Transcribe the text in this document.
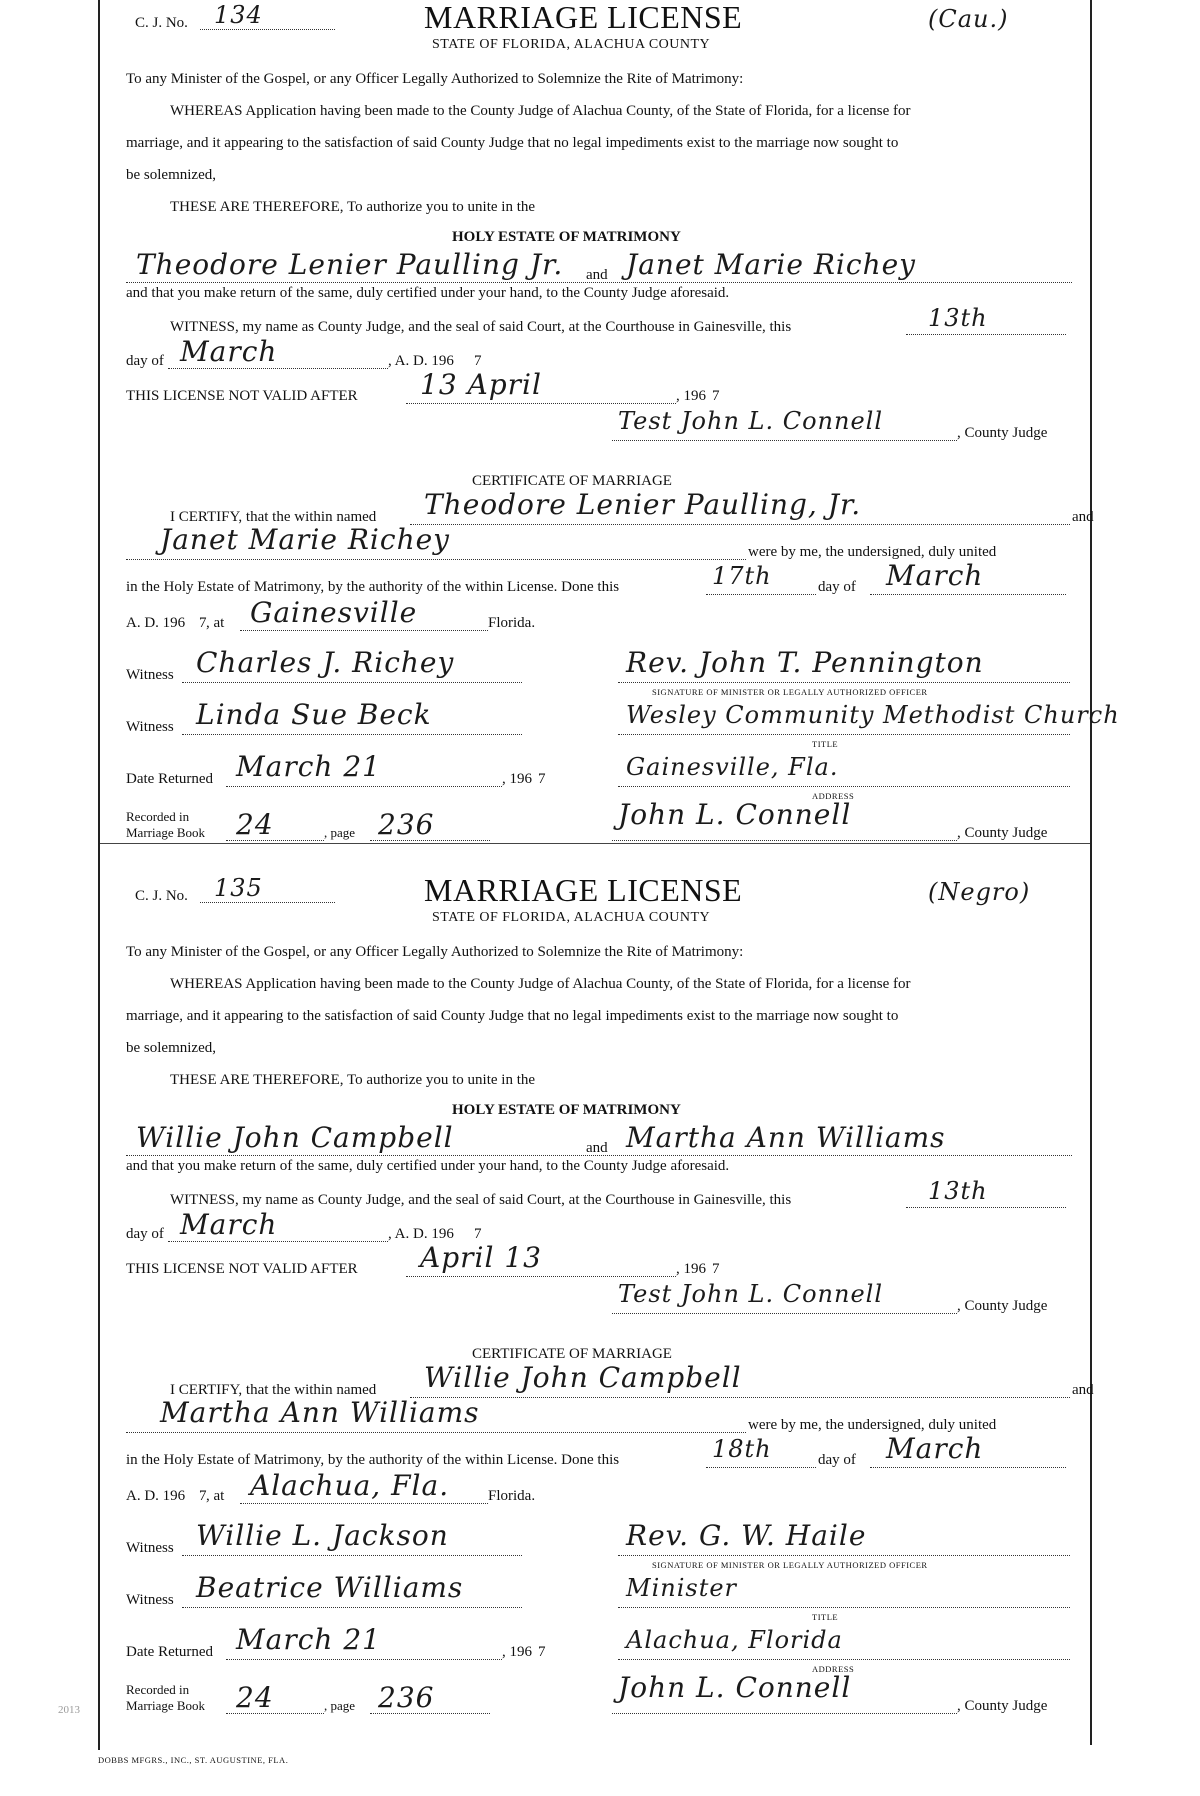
C. J. No. 134	MARRIAGE LICENSE
STATE OF FLORIDA, ALACHUA COUNTY
(Cau.)
To any Minister of the Gospel, or any Officer Legally Authorized to Solemnize the Rite of Matrimony:
WHEREAS Application having been made to the County Judge of Alachua County, of the State of Florida, for a license for
marriage, and it appearing to the satisfaction of said County Judge that no legal impediments exist to the marriage now sought to
be solemnized,
THESE ARE THEREFORE, To authorize you to unite in the
HOLY ESTATE OF MATRIMONY
Theodore Lenier Paulling Jr. and Janet Marie Richey
and that you make return of the same, duly certified under your hand, to the County Judge aforesaid.
WITNESS, my name as County Judge, and the seal of said Court, at the Courthouse in Gainesville, this	13th
day of March	, A. D. 196 7
THIS LICENSE NOT VALID AFTER 13 April	, 196 7
Test John L. Connell	, County Judge
CERTIFICATE OF MARRIAGE
I CERTIFY, that the within named Theodore Lenier Paulling, Jr.	and
Janet Marie Richey	were by me, the undersigned, duly united
in the Holy Estate of Matrimony, by the authority of the within License. Done this	17th	day of March
A. D. 196 7 , at Gainesville	Florida.
Witness Charles J. Richey	Rev. John T. Pennington
SIGNATURE OF MINISTER OR LEGALLY AUTHORIZED OFFICER
Witness Linda Sue Beck	Wesley Community Methodist Church
TITLE
Date Returned March 21	, 196 7	Gainesville, Fla.
ADDRESS
Recorded in
Marriage Book 24	, page 236	John L. Connell
, County Judge
C. J. No. 135	MARRIAGE LICENSE
STATE OF FLORIDA, ALACHUA COUNTY
(Negro)
To any Minister of the Gospel, or any Officer Legally Authorized to Solemnize the Rite of Matrimony:
WHEREAS Application having been made to the County Judge of Alachua County, of the State of Florida, for a license for
marriage, and it appearing to the satisfaction of said County Judge that no legal impediments exist to the marriage now sought to
be solemnized,
THESE ARE THEREFORE, To authorize you to unite in the
HOLY ESTATE OF MATRIMONY
Willie John Campbell	and Martha Ann Williams
and that you make return of the same, duly certified under your hand, to the County Judge aforesaid.
WITNESS, my name as County Judge, and the seal of said Court, at the Courthouse in Gainesville, this	13th
day of March	, A. D. 196 7
THIS LICENSE NOT VALID AFTER April 13	, 196 7
Test John L. Connell	, County Judge
CERTIFICATE OF MARRIAGE
I CERTIFY, that the within named Willie John Campbell	and
Martha Ann Williams	were by me, the undersigned, duly united
in the Holy Estate of Matrimony, by the authority of the within License. Done this	18th	day of March
A. D. 196 7 , at Alachua, Fla.	Florida.
Witness Willie L. Jackson	Rev. G. W. Haile
SIGNATURE OF MINISTER OR LEGALLY AUTHORIZED OFFICER
Witness Beatrice Williams	Minister
TITLE
Date Returned March 21	, 196 7	Alachua, Florida
ADDRESS
Recorded in
Marriage Book 24	, page 236	John L. Connell
, County Judge
DOBBS MFGRS., INC., ST. AUGUSTINE, FLA.
2013
